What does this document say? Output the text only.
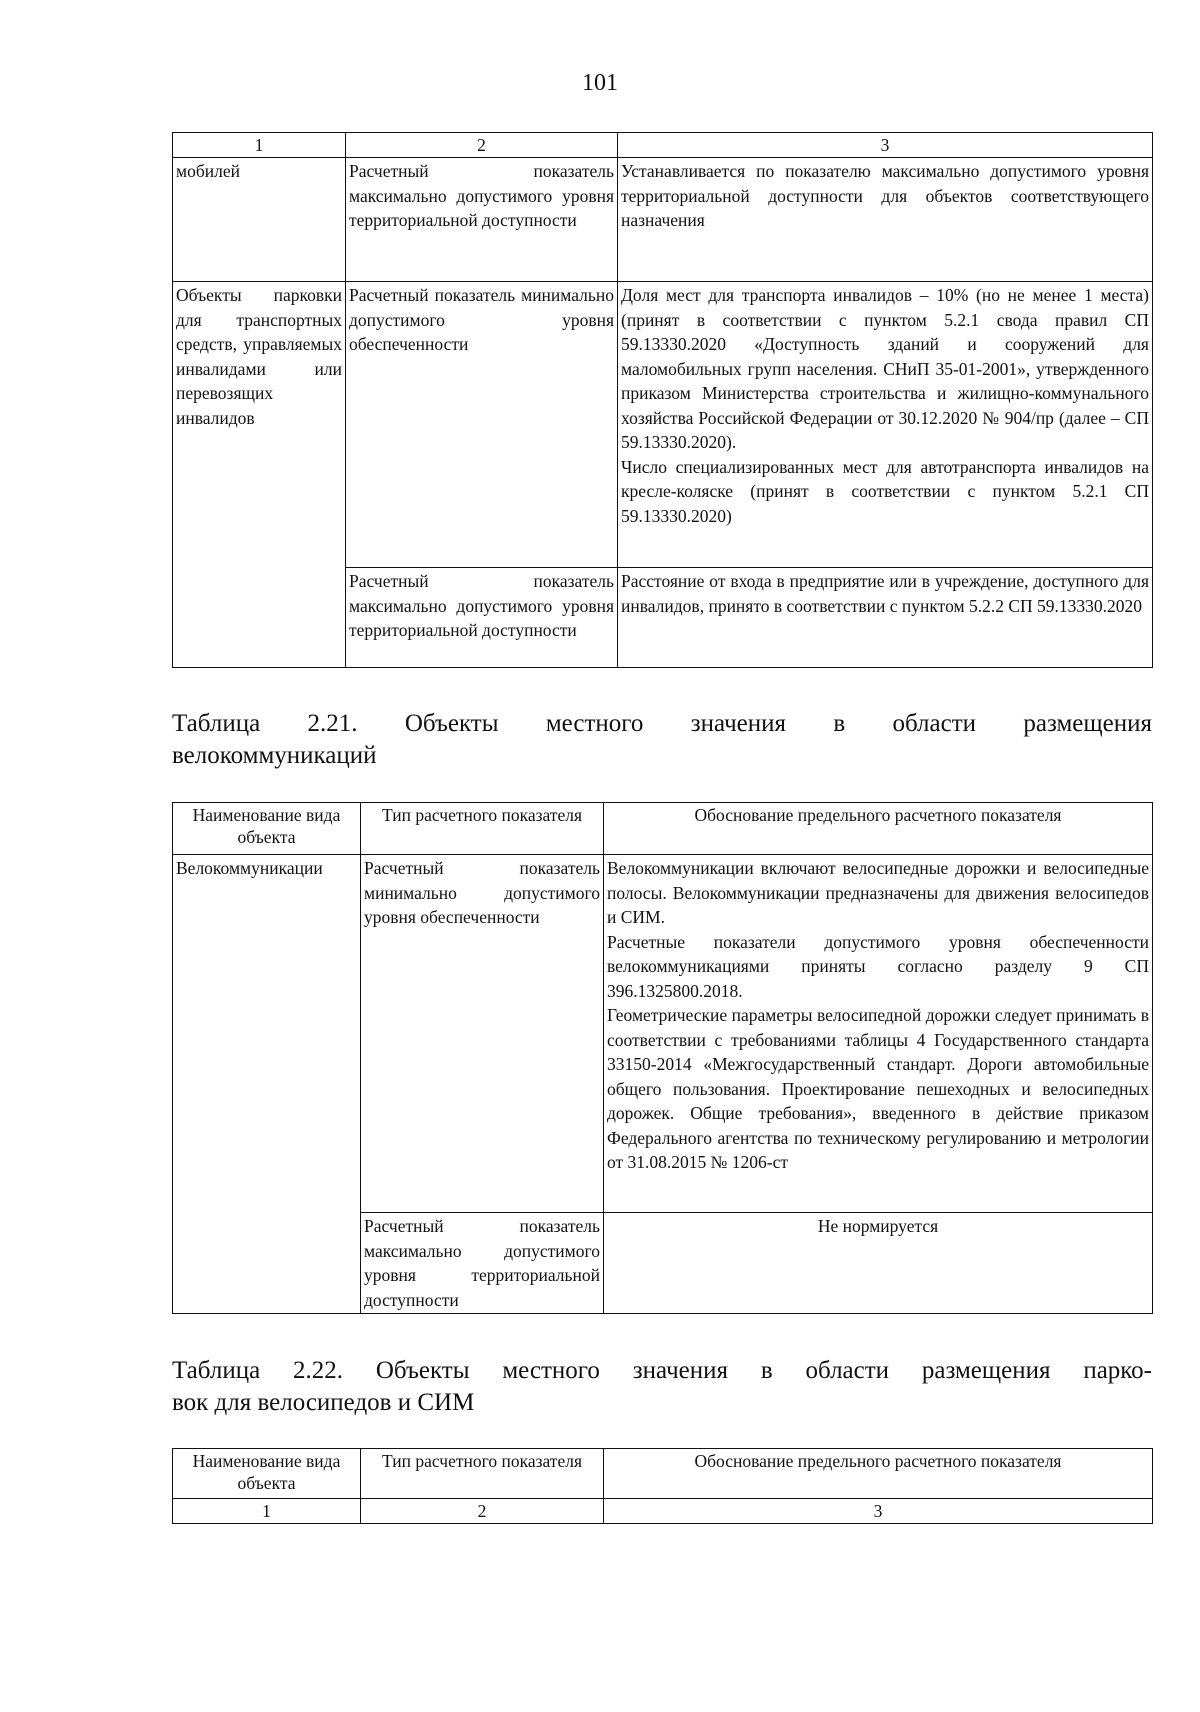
101
1	2	3
мобилей	Расчетный показатель максимально допустимого уровня территориальной доступности	Устанавливается по показателю максимально допустимого уровня территориальной доступности для объектов соответствующего назначения
Объекты парковки для транспортных средств, управляемых инвалидами или перевозящих инвалидов	Расчетный показатель минимально допустимого уровня обеспеченности	Доля мест для транспорта инвалидов – 10% (но не менее 1 места) (принят в соответствии с пунктом 5.2.1 свода правил СП 59.13330.2020 «Доступность зданий и сооружений для маломобильных групп населения. СНиП 35-01-2001», утвержденного приказом Министерства строительства и жилищно-коммунального хозяйства Российской Федерации от 30.12.2020 № 904/пр (далее – СП 59.13330.2020).

Число специализированных мест для автотранспорта инвалидов на кресле-коляске (принят в соответствии с пунктом 5.2.1 СП 59.13330.2020)

	Расчетный показатель максимально допустимого уровня территориальной доступности	Расстояние от входа в предприятие или в учреждение, доступного для инвалидов, принято в соответствии с пунктом 5.2.2 СП 59.13330.2020
Таблица 2.21. Объекты местного значения в области размещения
велокоммуникаций
Наименование вида объекта	Тип расчетного показателя	Обоснование предельного расчетного показателя
Велокоммуникации	Расчетный показатель минимально допустимого уровня обеспеченности	Велокоммуникации включают велосипедные дорожки и велосипедные полосы. Велокоммуникации предназначены для движения велосипедов и СИМ.

Расчетные показатели допустимого уровня обеспеченности велокоммуникациями приняты согласно разделу 9 СП 396.1325800.2018.

Геометрические параметры велосипедной дорожки следует принимать в соответствии с требованиями таблицы 4 Государственного стандарта 33150-2014 «Межгосударственный стандарт. Дороги автомобильные общего пользования. Проектирование пешеходных и велосипедных дорожек. Общие требования», введенного в действие приказом Федерального агентства по техническому регулированию и метрологии от 31.08.2015 № 1206-ст

	Расчетный показатель максимально допустимого уровня территориальной доступности	Не нормируется
Таблица 2.22. Объекты местного значения в области размещения парко-
вок для велосипедов и СИМ
Наименование вида объекта	Тип расчетного показателя	Обоснование предельного расчетного показателя
1	2	3
